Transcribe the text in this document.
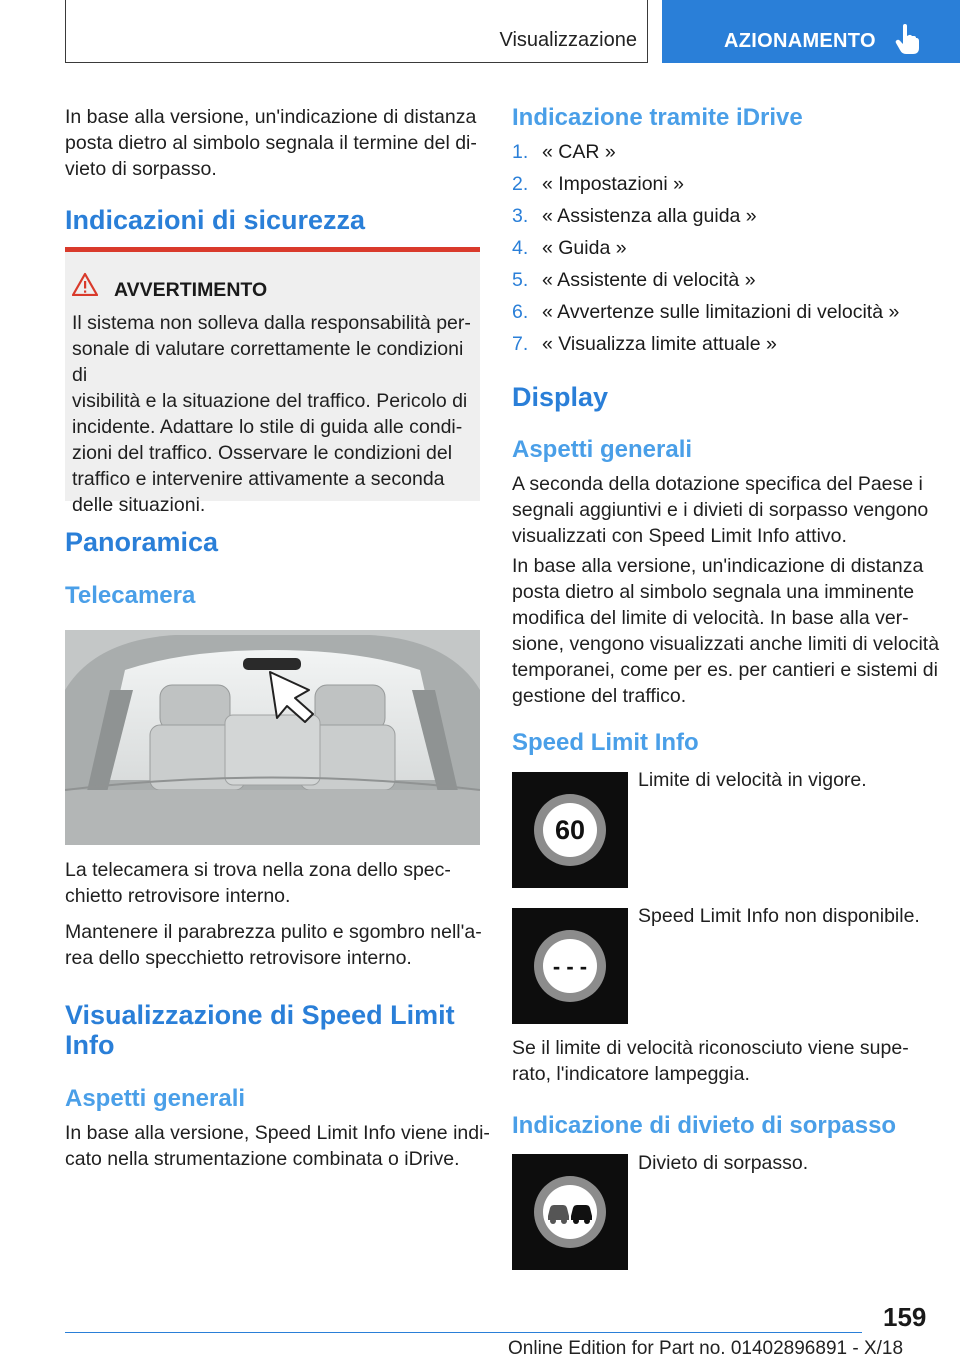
Visualizzazione	AZIONAMENTO
In base alla versione, un'indicazione di distanza
posta dietro al simbolo segnala il termine del di-
vieto di sorpasso.
Indicazioni di sicurezza
AVVERTIMENTO
Il sistema non solleva dalla responsabilità per-
sonale di valutare correttamente le condizioni di
visibilità e la situazione del traffico. Pericolo di
incidente. Adattare lo stile di guida alle condi-
zioni del traffico. Osservare le condizioni del
traffico e intervenire attivamente a seconda
delle situazioni.
Panoramica
Telecamera
La telecamera si trova nella zona dello spec-
chietto retrovisore interno.
Mantenere il parabrezza pulito e sgombro nell'a-
rea dello specchietto retrovisore interno.
Visualizzazione di Speed Limit
Info
Aspetti generali
In base alla versione, Speed Limit Info viene indi-
cato nella strumentazione combinata o iDrive.
Indicazione tramite iDrive
1. « CAR »
2. « Impostazioni »
3. « Assistenza alla guida »
4. « Guida »
5. « Assistente di velocità »
6. « Avvertenze sulle limitazioni di velocità »
7. « Visualizza limite attuale »
Display
Aspetti generali
A seconda della dotazione specifica del Paese i
segnali aggiuntivi e i divieti di sorpasso vengono
visualizzati con Speed Limit Info attivo.
In base alla versione, un'indicazione di distanza
posta dietro al simbolo segnala una imminente
modifica del limite di velocità. In base alla ver-
sione, vengono visualizzati anche limiti di velocità
temporanei, come per es. per cantieri e sistemi di
gestione del traffico.
Speed Limit Info
60
Limite di velocità in vigore.
- - -
Speed Limit Info non disponibile.
Se il limite di velocità riconosciuto viene supe-
rato, l'indicatore lampeggia.
Indicazione di divieto di sorpasso
Divieto di sorpasso.
159
Online Edition for Part no. 01402896891 - X/18
